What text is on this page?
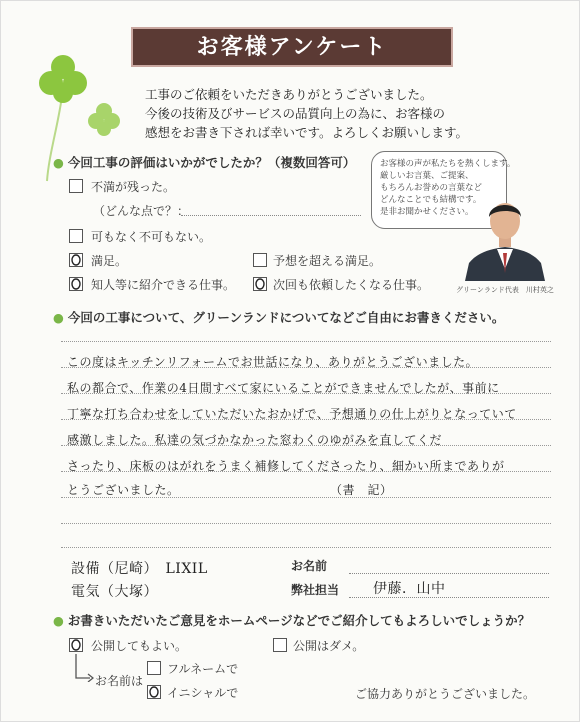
お客様アンケート
工事のご依頼をいただきありがとうございました。
今後の技術及びサービスの品質向上の為に、お客様の
感想をお書き下されば幸いです。よろしくお願いします。
● 今回工事の評価はいかがでしたか？（複数回答可）
不満が残った。
（どんな点で？：
可もなく不可もない。
満足。	予想を超える満足。
知人等に紹介できる仕事。	次回も依頼したくなる仕事。
お客様の声が私たちを熱くします。
厳しいお言葉、ご提案、
もちろんお誉めの言葉など
どんなことでも結構です。
是非お聞かせください。
グリーンランド代表　川村英之
● 今回の工事について、グリーンランドについてなどご自由にお書きください。
この度はキッチンリフォームでお世話になり、ありがとうございました。
私の都合で、作業の4日間すべて家にいることができませんでしたが、事前に
丁寧な打ち合わせをしていただいたおかげで、予想通りの仕上がりとなっていて
感激しました。私達の気づかなかった窓わくのゆがみを直してくだ
さったり、床板のはがれをうまく補修してくださったり、細かい所までありが
とうございました。　　　　　　　　　　　　　（書　記）
設備（尼崎）　LIXIL
電気（大塚）
お名前
弊社担当 伊藤．山中
● お書きいただいたご意見をホームページなどでご紹介してもよろしいでしょうか？
公開してもよい。	公開はダメ。
お名前は
フルネームで
イニシャルで	ご協力ありがとうございました。
